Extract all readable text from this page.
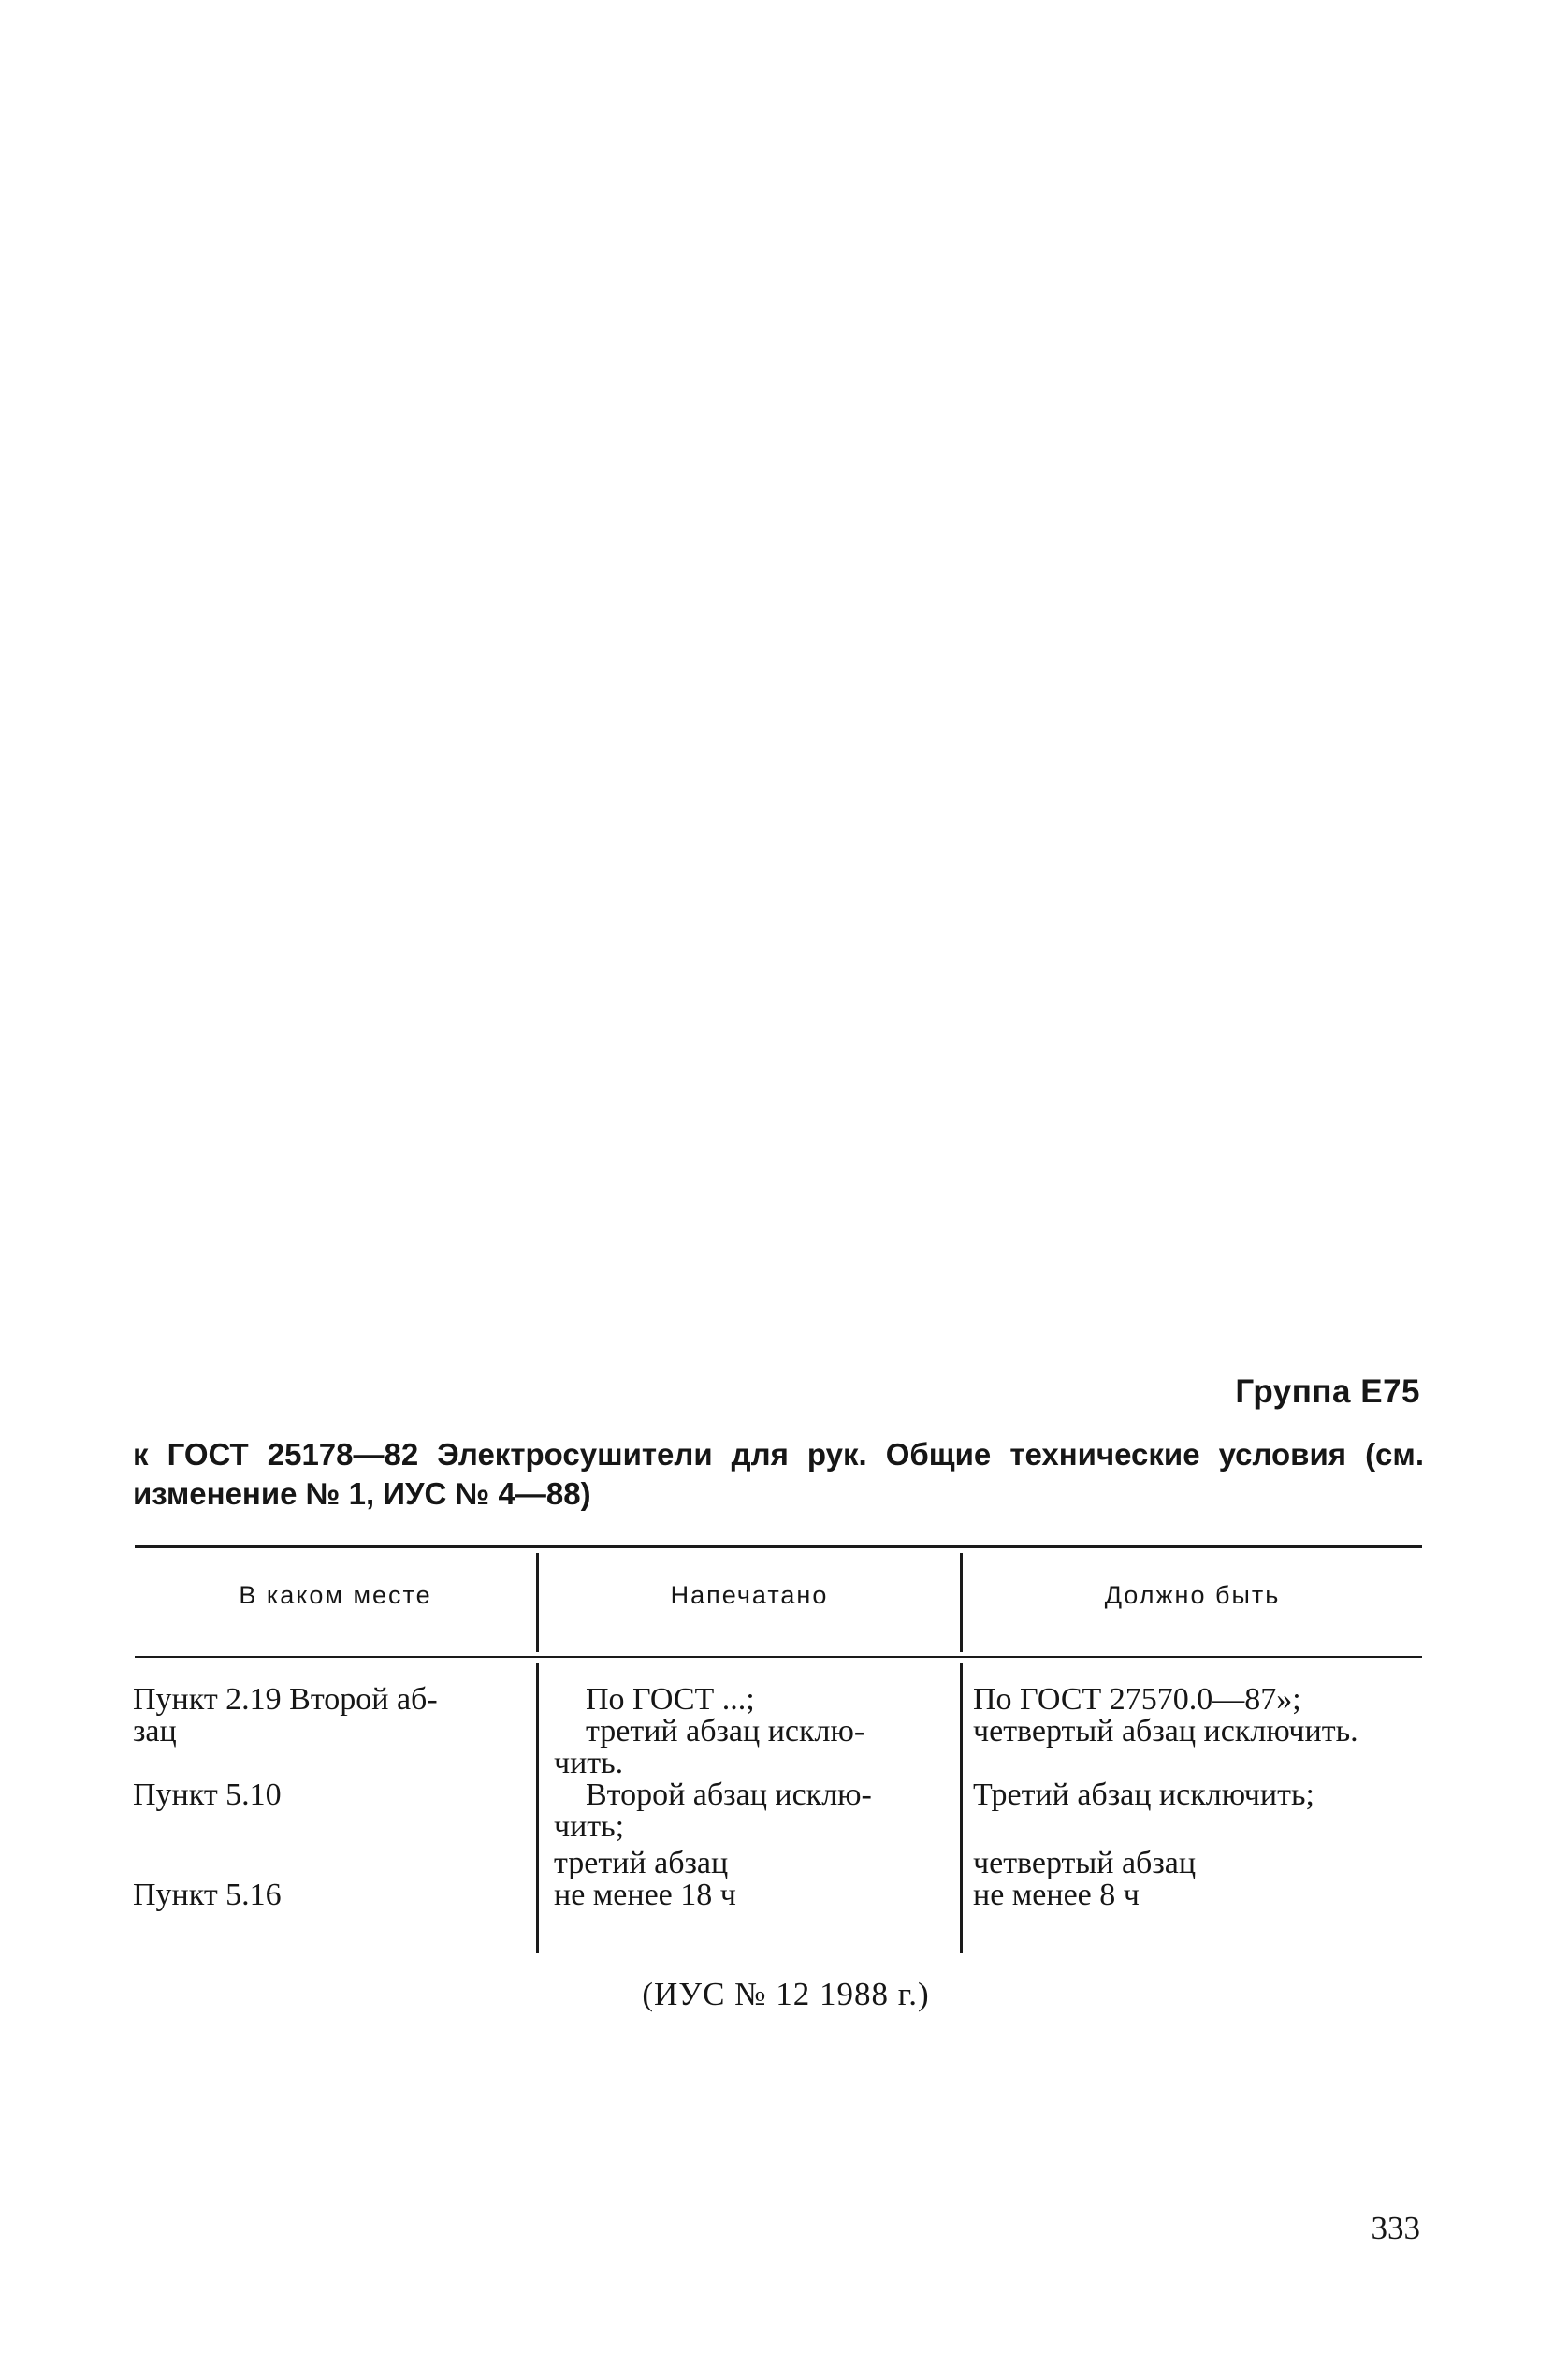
Группа Е75
к ГОСТ 25178—82 Электросушители для рук. Общие технические условия (см.
изменение № 1, ИУС № 4—88)
В каком месте	Напечатано	Должно быть
Пункт 2.19 Второй аб-
зац
Пункт 5.10
Пункт 5.16
По ГОСТ ...;
третий абзац исклю-
чить.
Второй абзац исклю-
чить;
третий абзац
не менее 18 ч
По ГОСТ 27570.0—87»;
четвертый абзац исключить.
Третий абзац исключить;
четвертый абзац
не менее 8 ч
(ИУС № 12 1988 г.)
333
